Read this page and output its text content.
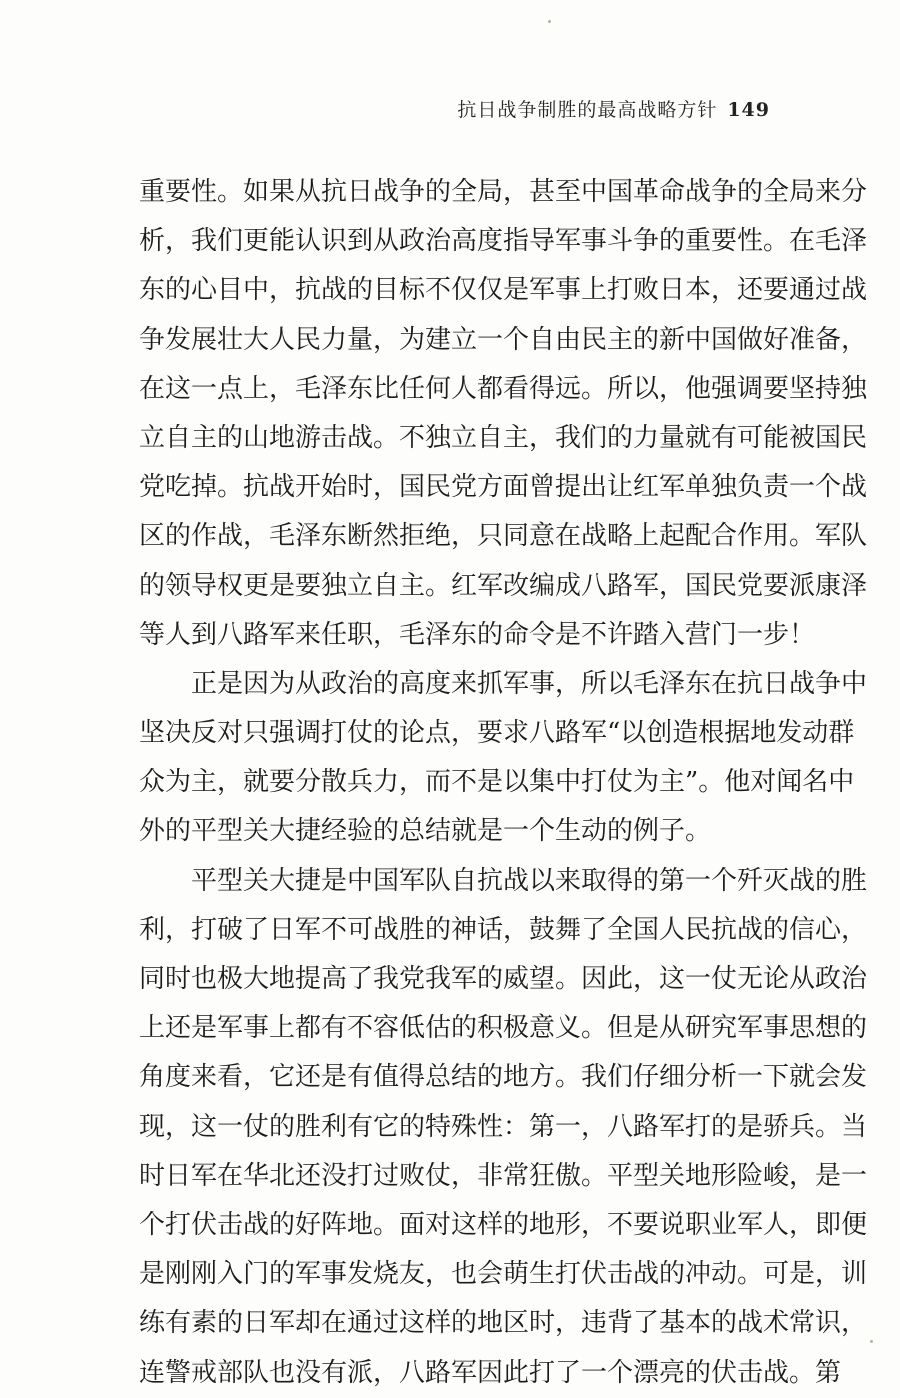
抗日战争制胜的最高战略方针 149
重要性。如果从抗日战争的全局，甚至中国革命战争的全局来分
析，我们更能认识到从政治高度指导军事斗争的重要性。在毛泽
东的心目中，抗战的目标不仅仅是军事上打败日本，还要通过战
争发展壮大人民力量，为建立一个自由民主的新中国做好准备，
在这一点上，毛泽东比任何人都看得远。所以，他强调要坚持独
立自主的山地游击战。不独立自主，我们的力量就有可能被国民
党吃掉。抗战开始时，国民党方面曾提出让红军单独负责一个战
区的作战，毛泽东断然拒绝，只同意在战略上起配合作用。军队
的领导权更是要独立自主。红军改编成八路军，国民党要派康泽
等人到八路军来任职，毛泽东的命令是不许踏入营门一步！
正是因为从政治的高度来抓军事，所以毛泽东在抗日战争中
坚决反对只强调打仗的论点，要求八路军“以创造根据地发动群
众为主，就要分散兵力，而不是以集中打仗为主”。他对闻名中
外的平型关大捷经验的总结就是一个生动的例子。
平型关大捷是中国军队自抗战以来取得的第一个歼灭战的胜
利，打破了日军不可战胜的神话，鼓舞了全国人民抗战的信心，
同时也极大地提高了我党我军的威望。因此，这一仗无论从政治
上还是军事上都有不容低估的积极意义。但是从研究军事思想的
角度来看，它还是有值得总结的地方。我们仔细分析一下就会发
现，这一仗的胜利有它的特殊性：第一，八路军打的是骄兵。当
时日军在华北还没打过败仗，非常狂傲。平型关地形险峻，是一
个打伏击战的好阵地。面对这样的地形，不要说职业军人，即便
是刚刚入门的军事发烧友，也会萌生打伏击战的冲动。可是，训
练有素的日军却在通过这样的地区时，违背了基本的战术常识，
连警戒部队也没有派，八路军因此打了一个漂亮的伏击战。第
